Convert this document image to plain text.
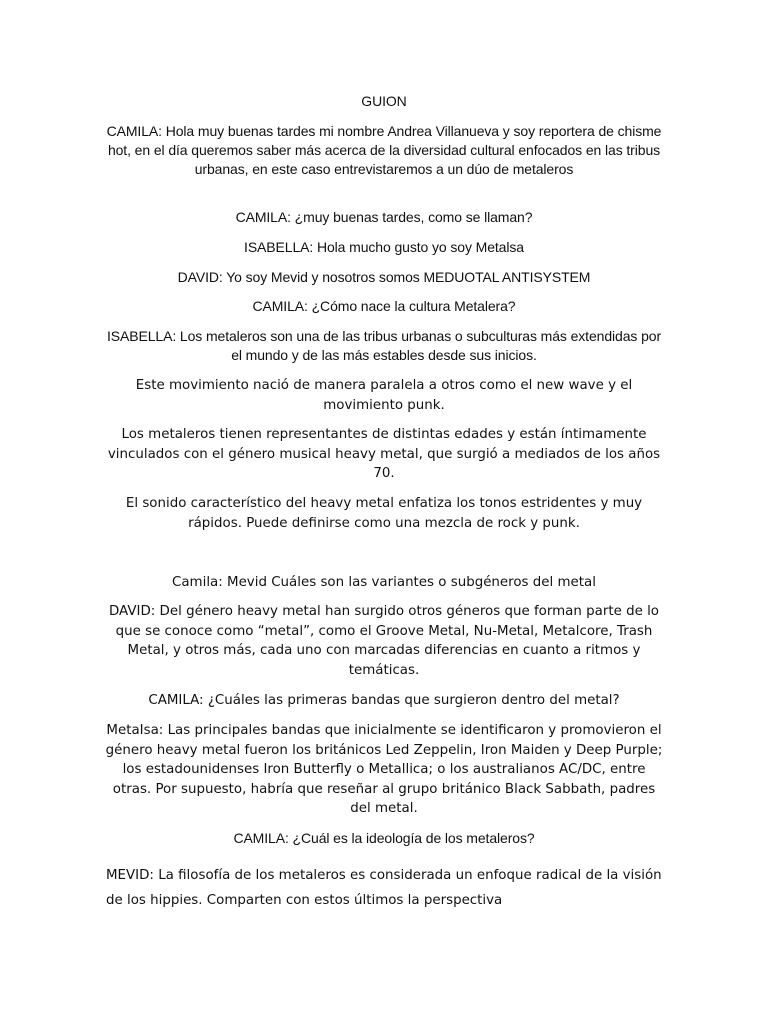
GUION

CAMILA: Hola muy buenas tardes mi nombre Andrea Villanueva y soy reportera de chisme hot, en el día queremos saber más acerca de la diversidad cultural enfocados en las tribus urbanas, en este caso entrevistaremos a un dúo de metaleros

CAMILA: ¿muy buenas tardes, como se llaman?

ISABELLA: Hola mucho gusto yo soy Metalsa

DAVID: Yo soy Mevid y nosotros somos MEDUOTAL ANTISYSTEM

CAMILA: ¿Cómo nace la cultura Metalera?

ISABELLA: Los metaleros son una de las tribus urbanas o subculturas más extendidas por el mundo y de las más estables desde sus inicios.

Este movimiento nació de manera paralela a otros como el new wave y el movimiento punk.

Los metaleros tienen representantes de distintas edades y están íntimamente vinculados con el género musical heavy metal, que surgió a mediados de los años 70.

El sonido característico del heavy metal enfatiza los tonos estridentes y muy rápidos. Puede definirse como una mezcla de rock y punk.

Camila: Mevid Cuáles son las variantes o subgéneros del metal

DAVID: Del género heavy metal han surgido otros géneros que forman parte de lo que se conoce como “metal”, como el Groove Metal, Nu-Metal, Metalcore, Trash Metal, y otros más, cada uno con marcadas diferencias en cuanto a ritmos y temáticas.

CAMILA: ¿Cuáles las primeras bandas que surgieron dentro del metal?

MetaIsa: Las principales bandas que inicialmente se identificaron y promovieron el género heavy metal fueron los británicos Led Zeppelin, Iron Maiden y Deep Purple; los estadounidenses Iron Butterfly o Metallica; o los australianos AC/DC, entre otras. Por supuesto, habría que reseñar al grupo británico Black Sabbath, padres del metal.

CAMILA: ¿Cuál es la ideología de los metaleros?

MEVID: La filosofía de los metaleros es considerada un enfoque radical de la visión de los hippies. Comparten con estos últimos la perspectiva
